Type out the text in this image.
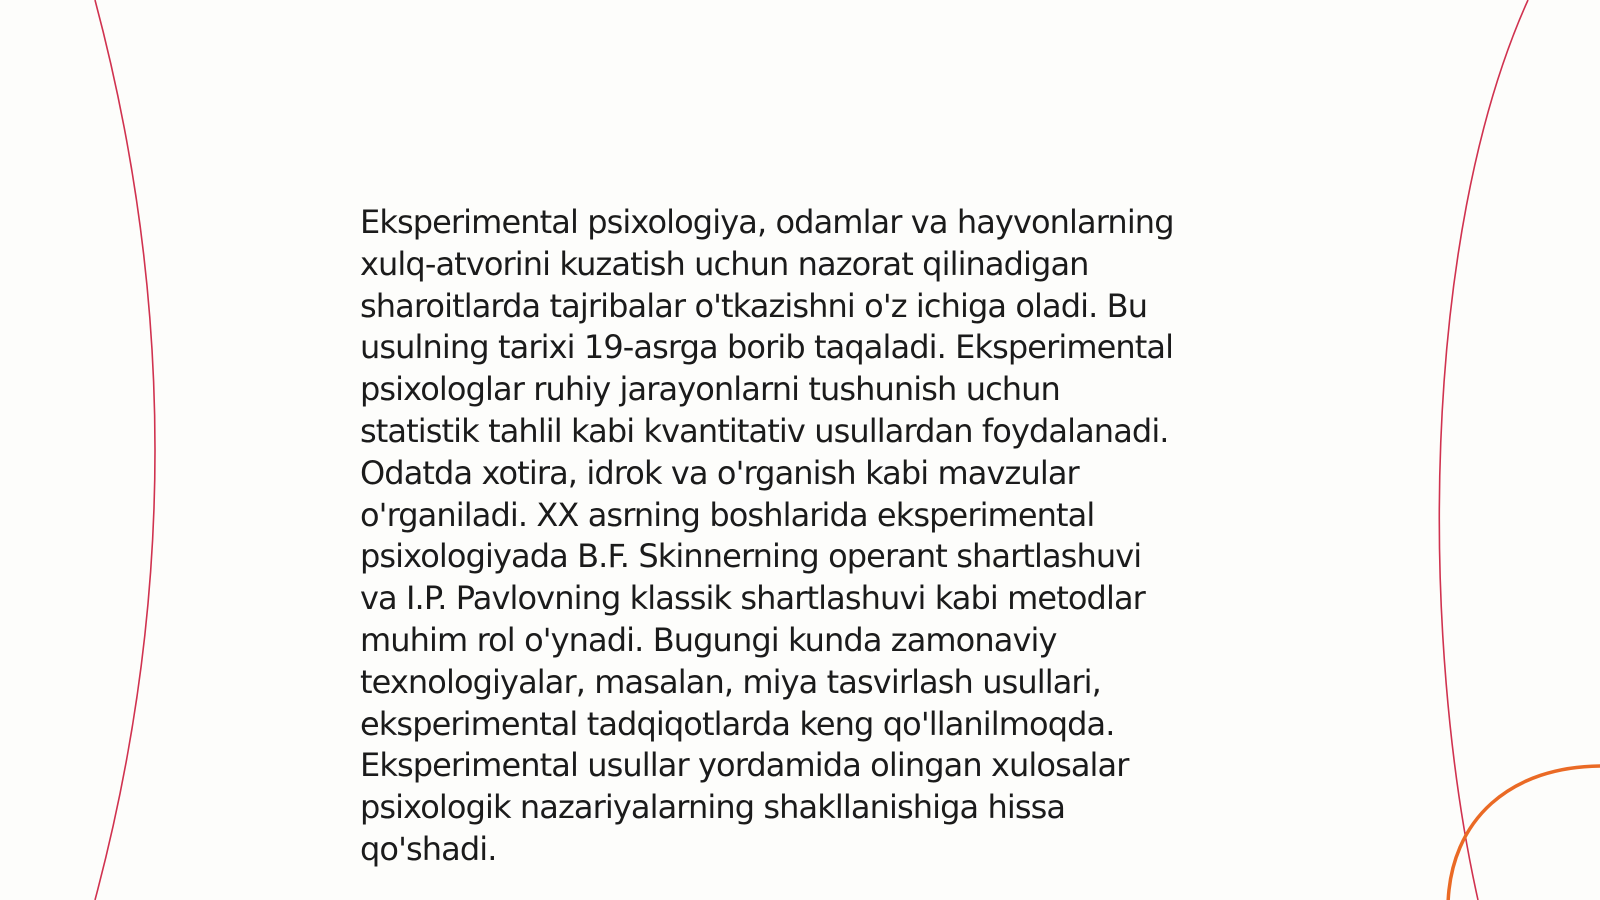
Eksperimental psixologiya, odamlar va hayvonlarning
xulq-atvorini kuzatish uchun nazorat qilinadigan
sharoitlarda tajribalar o'tkazishni o'z ichiga oladi. Bu
usulning tarixi 19-asrga borib taqaladi. Eksperimental
psixologlar ruhiy jarayonlarni tushunish uchun
statistik tahlil kabi kvantitativ usullardan foydalanadi.
Odatda xotira, idrok va o'rganish kabi mavzular
o'rganiladi. XX asrning boshlarida eksperimental
psixologiyada B.F. Skinnerning operant shartlashuvi
va I.P. Pavlovning klassik shartlashuvi kabi metodlar
muhim rol o'ynadi. Bugungi kunda zamonaviy
texnologiyalar, masalan, miya tasvirlash usullari,
eksperimental tadqiqotlarda keng qo'llanilmoqda.
Eksperimental usullar yordamida olingan xulosalar
psixologik nazariyalarning shakllanishiga hissa
qo'shadi.
